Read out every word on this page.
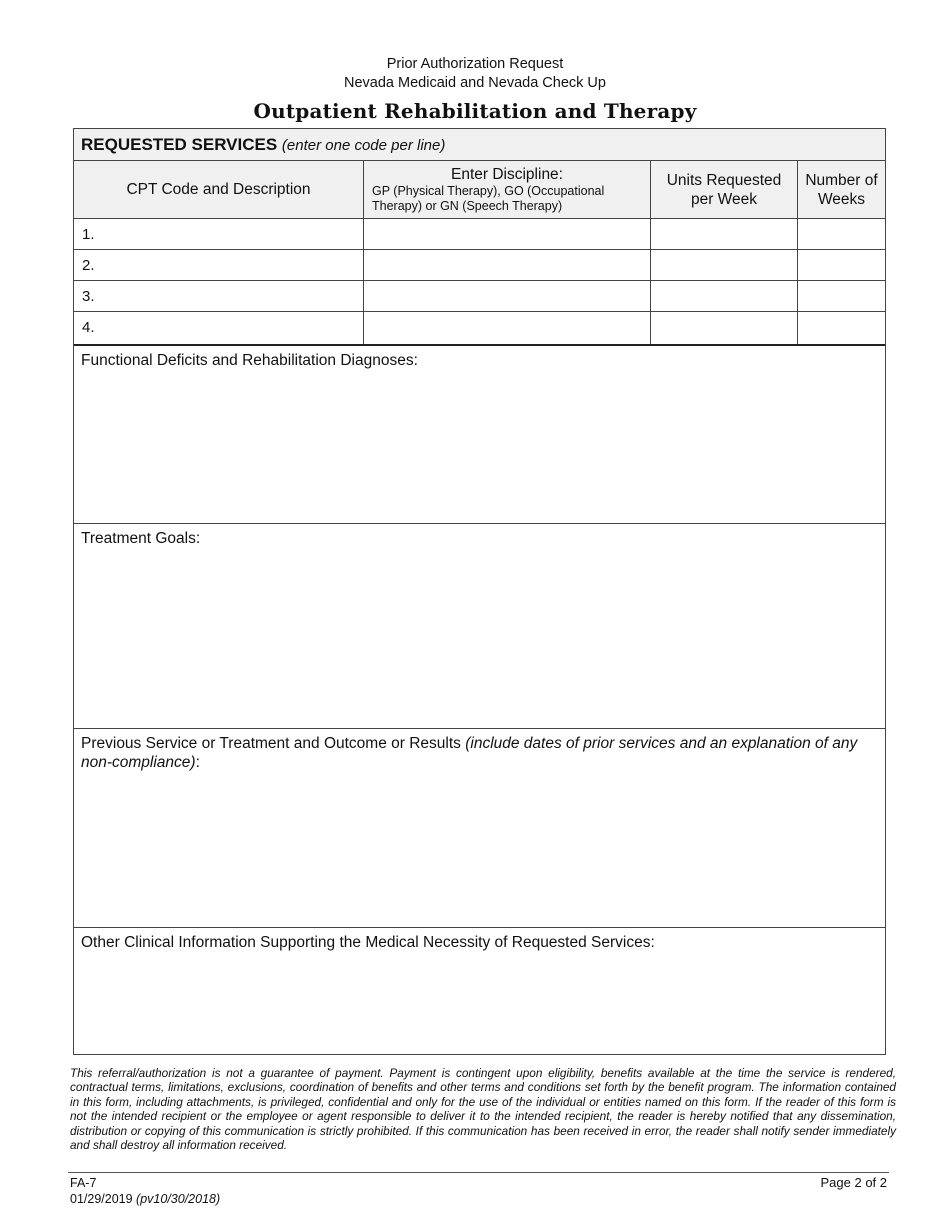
Prior Authorization Request
Nevada Medicaid and Nevada Check Up
Outpatient Rehabilitation and Therapy
REQUESTED SERVICES (enter one code per line)
CPT Code and Description
Enter Discipline:
GP (Physical Therapy), GO (Occupational Therapy) or GN (Speech Therapy)
Units Requested
per Week
Number of
Weeks
1.
2.
3.
4.
Functional Deficits and Rehabilitation Diagnoses:
Treatment Goals:
Previous Service or Treatment and Outcome or Results (include dates of prior services and an explanation of any non-compliance):
Other Clinical Information Supporting the Medical Necessity of Requested Services:
This referral/authorization is not a guarantee of payment. Payment is contingent upon eligibility, benefits available at the time the service is rendered, contractual terms, limitations, exclusions, coordination of benefits and other terms and conditions set forth by the benefit program. The information contained in this form, including attachments, is privileged, confidential and only for the use of the individual or entities named on this form. If the reader of this form is not the intended recipient or the employee or agent responsible to deliver it to the intended recipient, the reader is hereby notified that any dissemination, distribution or copying of this communication is strictly prohibited. If this communication has been received in error, the reader shall notify sender immediately and shall destroy all information received.
FA-7
01/29/2019 (pv10/30/2018)
Page 2 of 2
